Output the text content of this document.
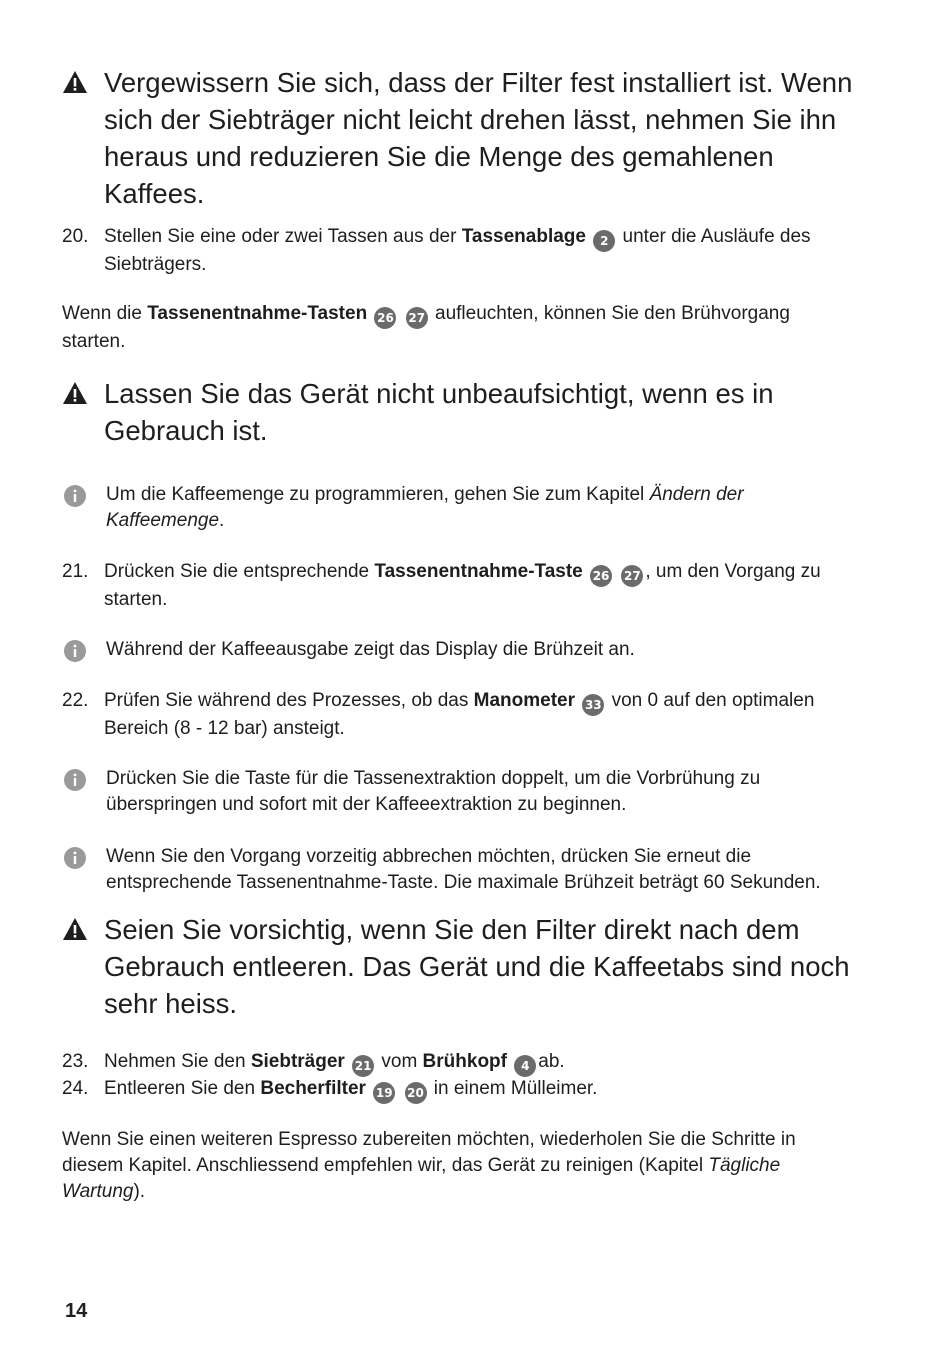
Vergewissern Sie sich, dass der Filter fest installiert ist. Wenn sich der Siebträger nicht leicht drehen lässt, nehmen Sie ihn heraus und reduzieren Sie die Menge des gemahlenen Kaffees.
20. Stellen Sie eine oder zwei Tassen aus der Tassenablage 2 unter die Ausläufe des Siebträgers.
Wenn die Tassenentnahme-Tasten 26 27 aufleuchten, können Sie den Brühvorgang starten.
Lassen Sie das Gerät nicht unbeaufsichtigt, wenn es in Gebrauch ist.
Um die Kaffeemenge zu programmieren, gehen Sie zum Kapitel Ändern der Kaffeemenge.
21. Drücken Sie die entsprechende Tassenentnahme-Taste 26 27 , um den Vorgang zu starten.
Während der Kaffeeausgabe zeigt das Display die Brühzeit an.
22. Prüfen Sie während des Prozesses, ob das Manometer 33 von 0 auf den optimalen Bereich (8 - 12 bar) ansteigt.
Drücken Sie die Taste für die Tassenextraktion doppelt, um die Vorbrühung zu überspringen und sofort mit der Kaffeeextraktion zu beginnen.
Wenn Sie den Vorgang vorzeitig abbrechen möchten, drücken Sie erneut die entsprechende Tassenentnahme-Taste. Die maximale Brühzeit beträgt 60 Sekunden.
Seien Sie vorsichtig, wenn Sie den Filter direkt nach dem Gebrauch entleeren. Das Gerät und die Kaffeetabs sind noch sehr heiss.
23. Nehmen Sie den Siebträger 21 vom Brühkopf 4 ab.
24. Entleeren Sie den Becherfilter 19 20 in einem Mülleimer.
Wenn Sie einen weiteren Espresso zubereiten möchten, wiederholen Sie die Schritte in diesem Kapitel. Anschliessend empfehlen wir, das Gerät zu reinigen (Kapitel Tägliche Wartung).
14
